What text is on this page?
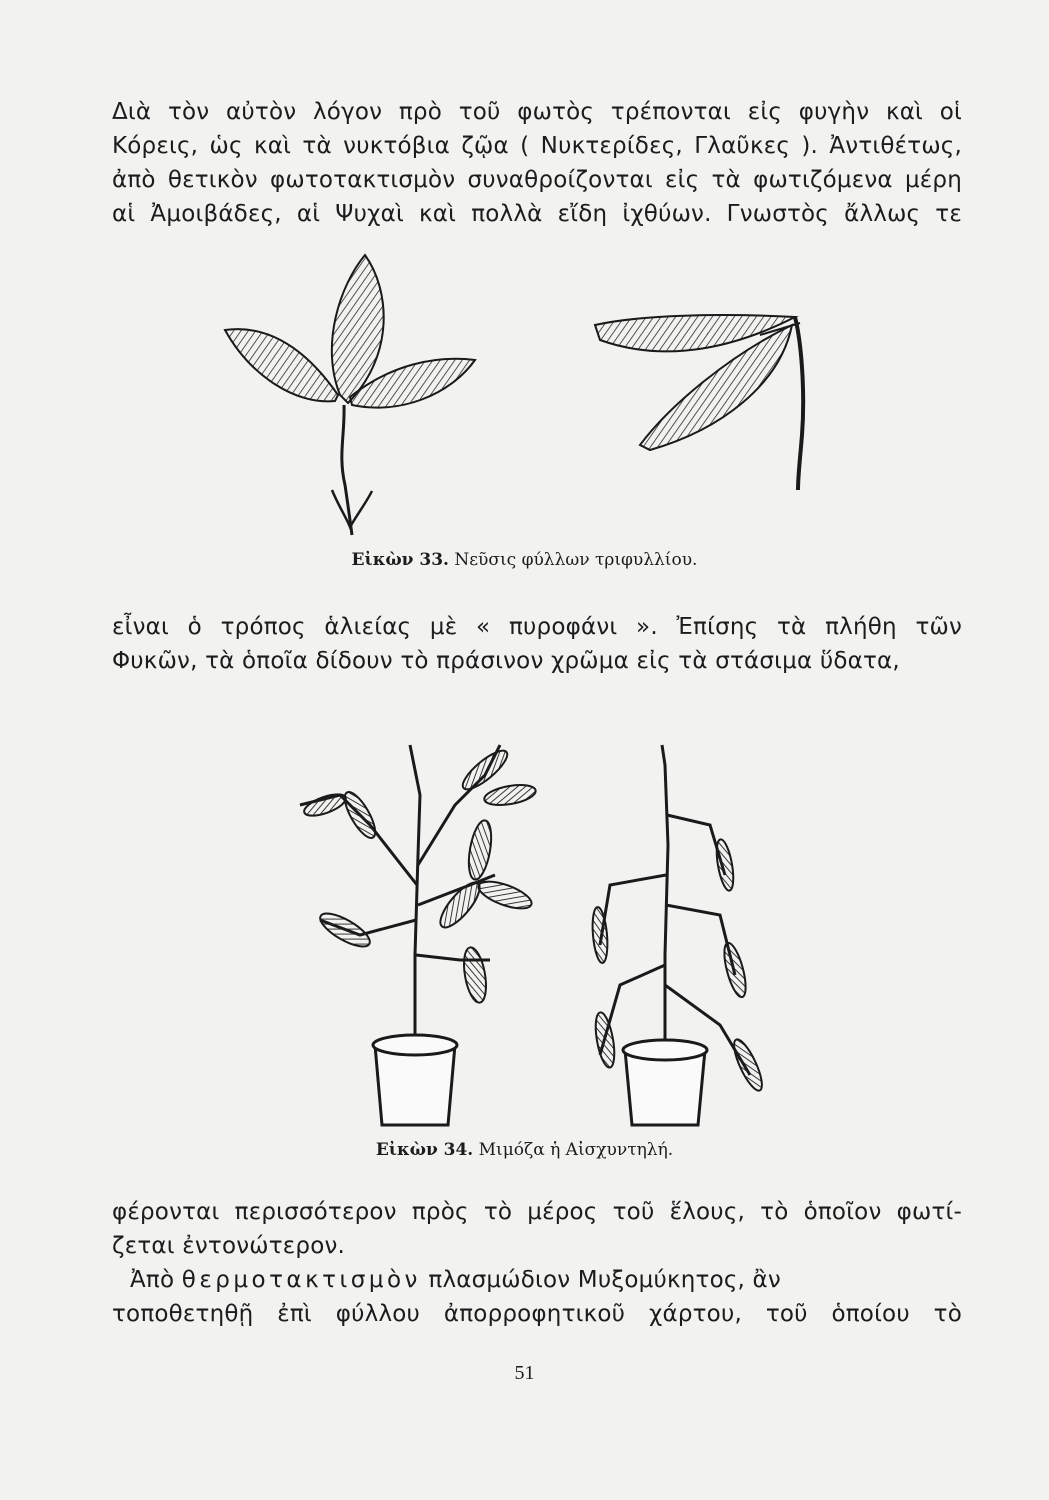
Διὰ τὸν αὐτὸν λόγον πρὸ τοῦ φωτὸς τρέπονται εἰς φυγὴν καὶ οἱ
Κόρεις, ὡς καὶ τὰ νυκτόβια ζῷα ( Νυκτερίδες, Γλαῦκες ). Ἀντιθέτως,
ἀπὸ θετικὸν φωτοτακτισμὸν συναθροίζονται εἰς τὰ φωτιζόμενα μέρη
αἱ Ἀμοιβάδες, αἱ Ψυχαὶ καὶ πολλὰ εἴδη ἰχθύων. Γνωστὸς ἄλλως τε

Εἰκὼν 33. Νεῦσις φύλλων τριφυλλίου.

εἶναι ὁ τρόπος ἁλιείας μὲ « πυροφάνι ». Ἐπίσης τὰ πλήθη τῶν
Φυκῶν, τὰ ὁποῖα δίδουν τὸ πράσινον χρῶμα εἰς τὰ στάσιμα ὕδατα,

Εἰκὼν 34. Μιμόζα ἡ Αἰσχυντηλή.

φέρονται περισσότερον πρὸς τὸ μέρος τοῦ ἕλους, τὸ ὁποῖον φωτί-
ζεται ἐντονώτερον.
Ἀπὸ θερμοτακτισμὸν πλασμώδιον Μυξομύκητος, ἂν
τοποθετηθῇ ἐπὶ φύλλου ἀπορροφητικοῦ χάρτου, τοῦ ὁποίου τὸ
51
